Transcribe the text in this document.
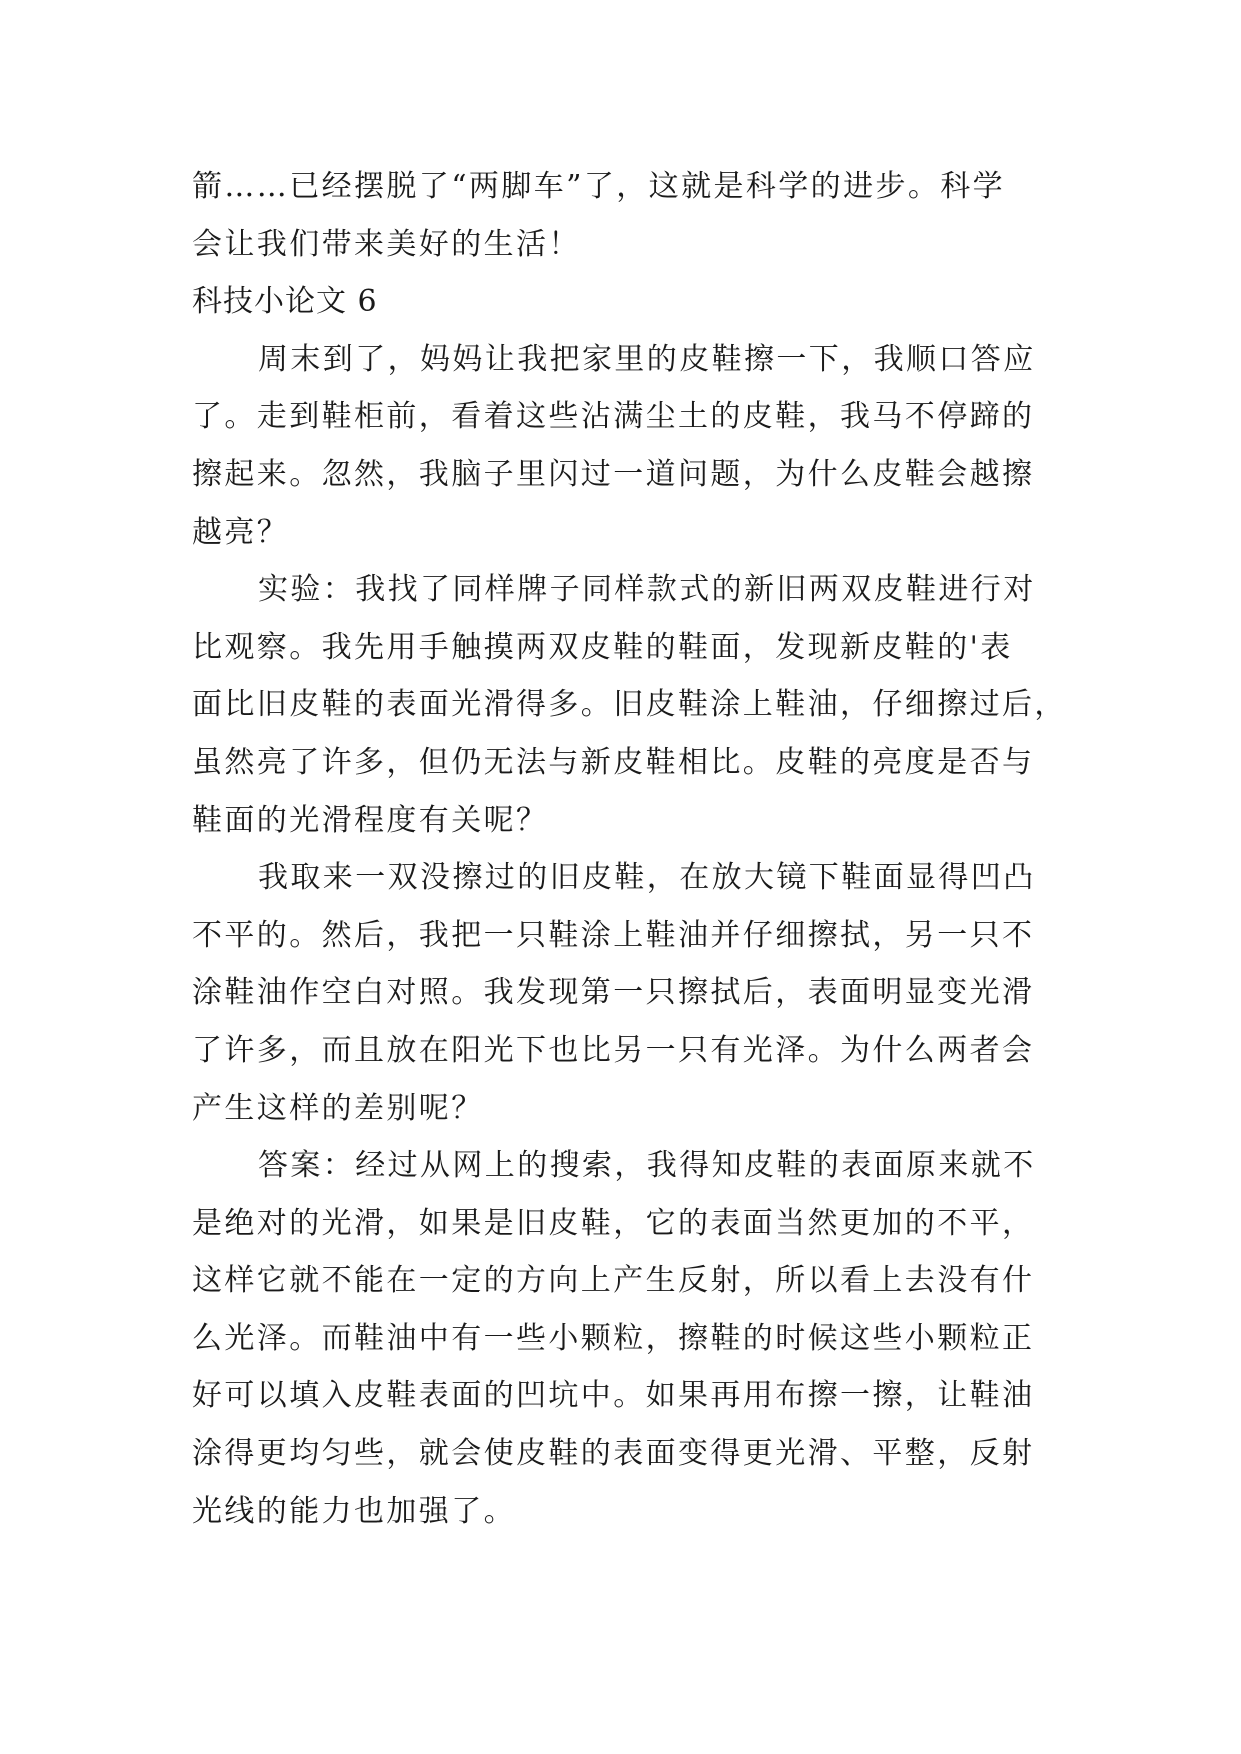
箭……已经摆脱了“两脚车”了，这就是科学的进步。科学
会让我们带来美好的生活！
科技小论文 6
周末到了，妈妈让我把家里的皮鞋擦一下，我顺口答应
了。走到鞋柜前，看着这些沾满尘土的皮鞋，我马不停蹄的
擦起来。忽然，我脑子里闪过一道问题，为什么皮鞋会越擦
越亮？
实验：我找了同样牌子同样款式的新旧两双皮鞋进行对
比观察。我先用手触摸两双皮鞋的鞋面，发现新皮鞋的'表
面比旧皮鞋的表面光滑得多。旧皮鞋涂上鞋油，仔细擦过后，
虽然亮了许多，但仍无法与新皮鞋相比。皮鞋的亮度是否与
鞋面的光滑程度有关呢？
我取来一双没擦过的旧皮鞋，在放大镜下鞋面显得凹凸
不平的。然后，我把一只鞋涂上鞋油并仔细擦拭，另一只不
涂鞋油作空白对照。我发现第一只擦拭后，表面明显变光滑
了许多，而且放在阳光下也比另一只有光泽。为什么两者会
产生这样的差别呢？
答案：经过从网上的搜索，我得知皮鞋的表面原来就不
是绝对的光滑，如果是旧皮鞋，它的表面当然更加的不平，
这样它就不能在一定的方向上产生反射，所以看上去没有什
么光泽。而鞋油中有一些小颗粒，擦鞋的时候这些小颗粒正
好可以填入皮鞋表面的凹坑中。如果再用布擦一擦，让鞋油
涂得更均匀些，就会使皮鞋的表面变得更光滑、平整，反射
光线的能力也加强了。
